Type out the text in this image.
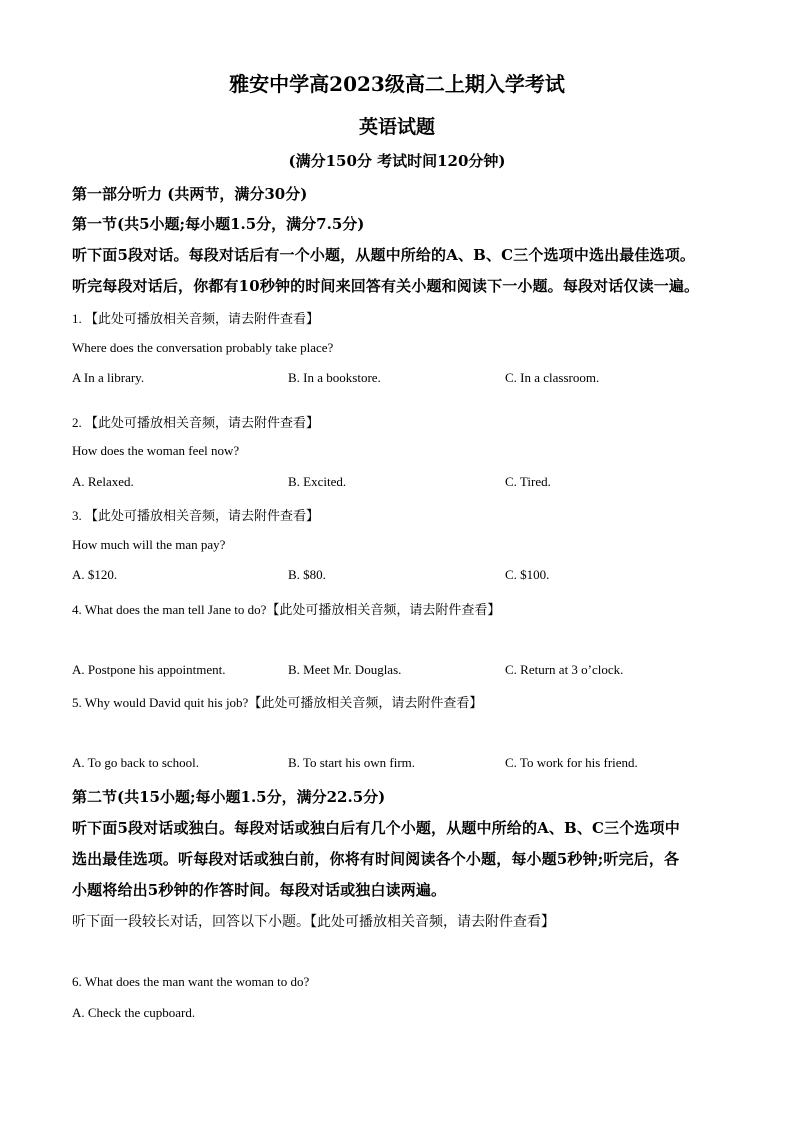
雅安中学高2023级高二上期入学考试
英语试题
(满分150分 考试时间120分钟)
第一部分听力 (共两节，满分30分)
第一节(共5小题;每小题1.5分，满分7.5分)
听下面5段对话。每段对话后有一个小题，从题中所给的A、B、C三个选项中选出最佳选项。
听完每段对话后，你都有10秒钟的时间来回答有关小题和阅读下一小题。每段对话仅读一遍。
1. 【此处可播放相关音频，请去附件查看】
Where does the conversation probably take place?
A In a library.	B. In a bookstore.	C. In a classroom.
2. 【此处可播放相关音频，请去附件查看】
How does the woman feel now?
A. Relaxed.	B. Excited.	C. Tired.
3. 【此处可播放相关音频，请去附件查看】
How much will the man pay?
A. $120.	B. $80.	C. $100.
4. What does the man tell Jane to do?【此处可播放相关音频，请去附件查看】
A. Postpone his appointment.	B. Meet Mr. Douglas.	C. Return at 3 o’clock.
5. Why would David quit his job?【此处可播放相关音频，请去附件查看】
A. To go back to school.	B. To start his own firm.	C. To work for his friend.
第二节(共15小题;每小题1.5分，满分22.5分)
听下面5段对话或独白。每段对话或独白后有几个小题，从题中所给的A、B、C三个选项中
选出最佳选项。听每段对话或独白前，你将有时间阅读各个小题，每小题5秒钟;听完后，各
小题将给出5秒钟的作答时间。每段对话或独白读两遍。
听下面一段较长对话，回答以下小题。【此处可播放相关音频，请去附件查看】
6. What does the man want the woman to do?
A. Check the cupboard.
